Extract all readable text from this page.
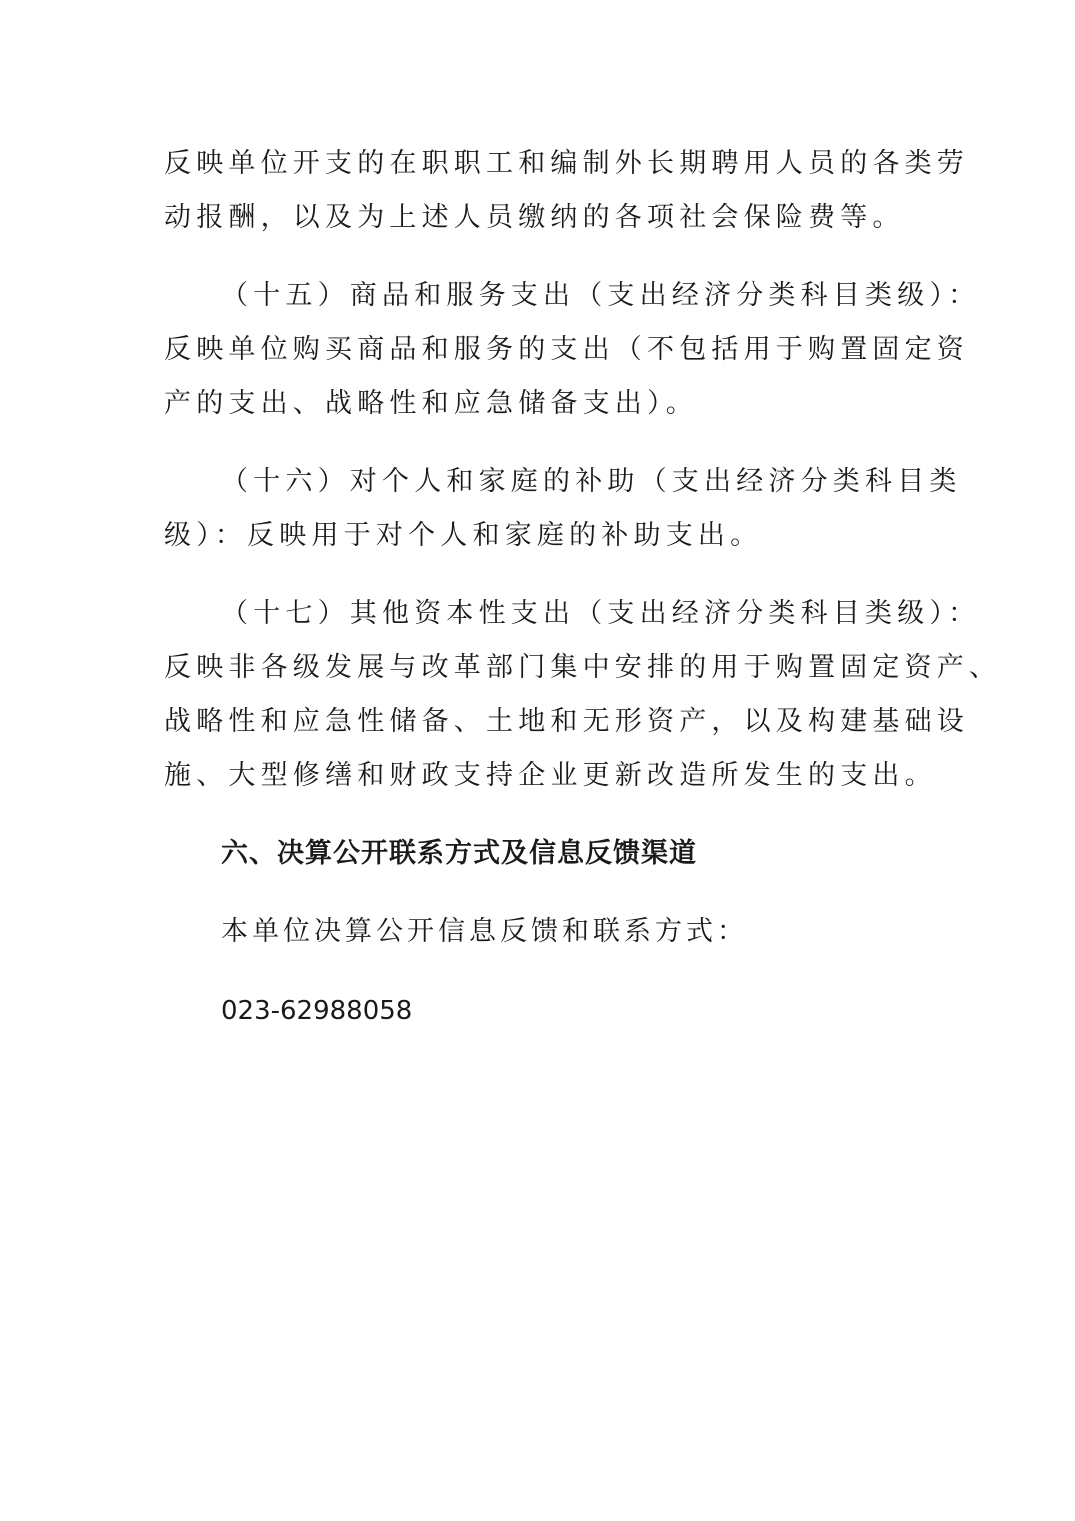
反映单位开支的在职职工和编制外长期聘用人员的各类劳
动报酬，以及为上述人员缴纳的各项社会保险费等。
（十五）商品和服务支出（支出经济分类科目类级）：
反映单位购买商品和服务的支出（不包括用于购置固定资
产的支出、战略性和应急储备支出）。
（十六）对个人和家庭的补助（支出经济分类科目类
级）：反映用于对个人和家庭的补助支出。
（十七）其他资本性支出（支出经济分类科目类级）：
反映非各级发展与改革部门集中安排的用于购置固定资产、
战略性和应急性储备、土地和无形资产，以及构建基础设
施、大型修缮和财政支持企业更新改造所发生的支出。
六、决算公开联系方式及信息反馈渠道
本单位决算公开信息反馈和联系方式：
023-62988058
